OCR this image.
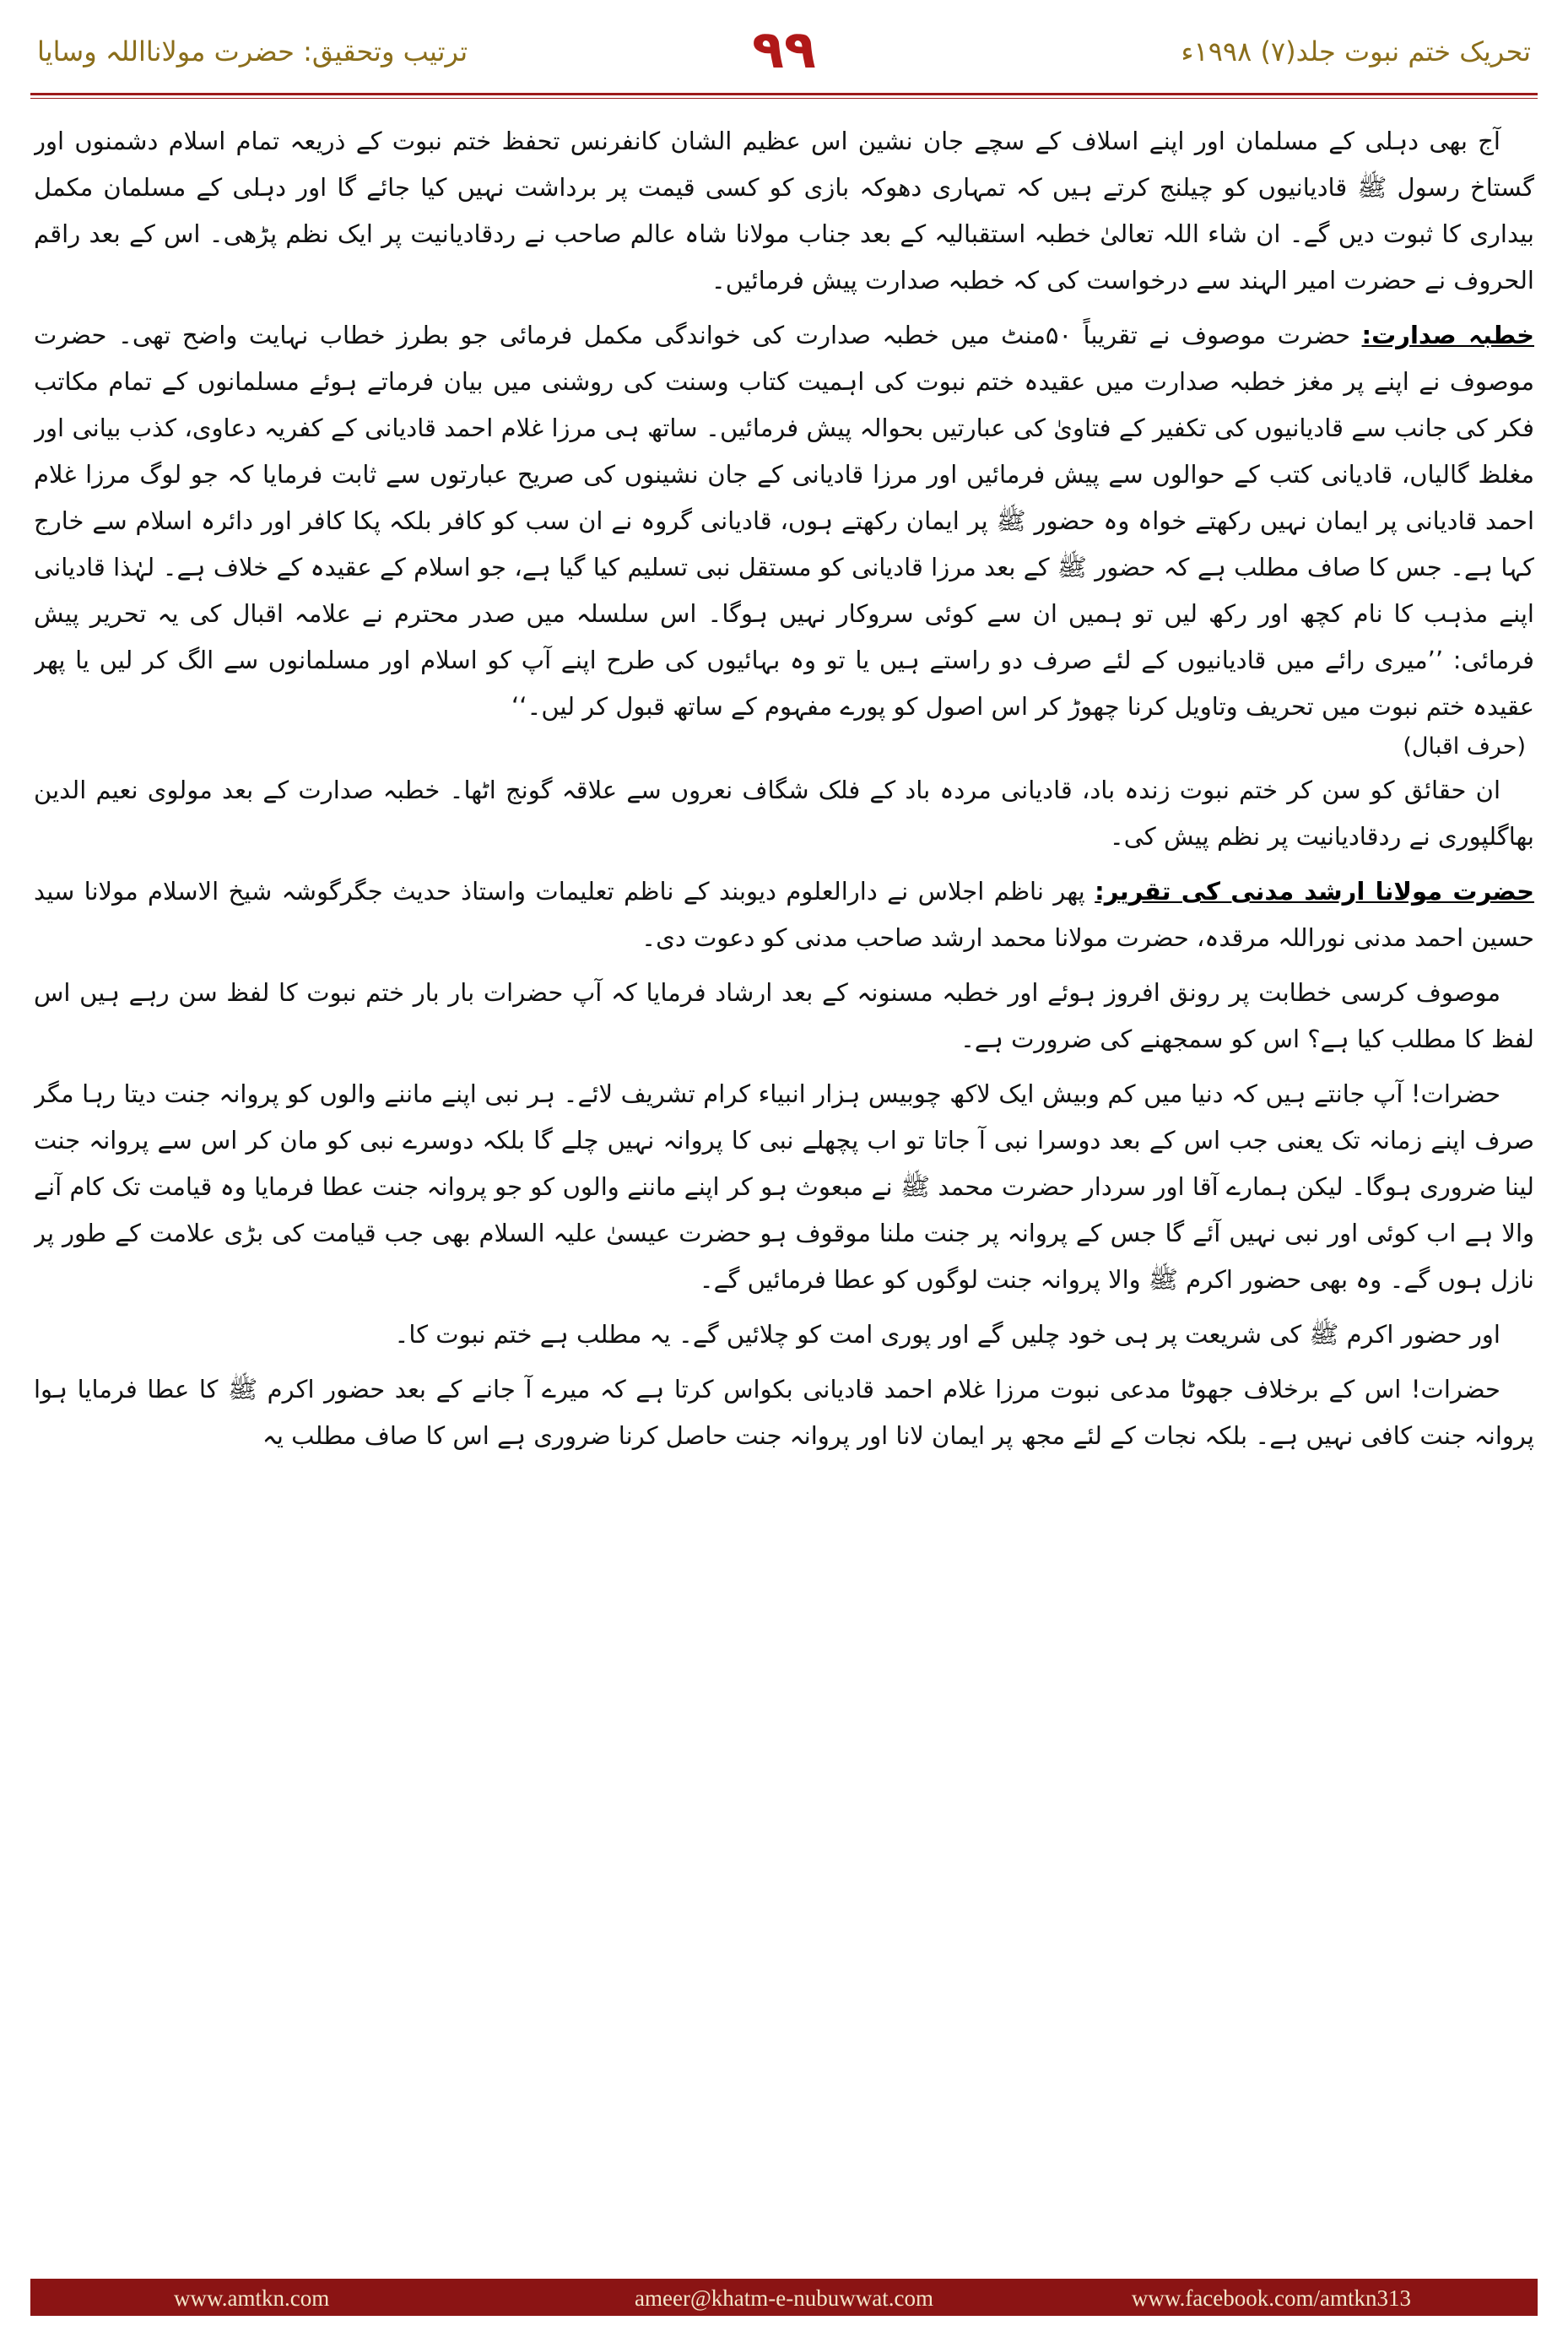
تحریک ختم نبوت جلد(۷) ۱۹۹۸ء
۹۹
ترتیب وتحقیق: حضرت مولانااللہ وسایا

آج بھی دہلی کے مسلمان اور اپنے اسلاف کے سچے جان نشین اس عظیم الشان کانفرنس تحفظ ختم نبوت کے ذریعہ تمام اسلام دشمنوں اور گستاخ رسول ﷺ قادیانیوں کو چیلنج کرتے ہیں کہ تمہاری دھوکہ بازی کو کسی قیمت پر برداشت نہیں کیا جائے گا اور دہلی کے مسلمان مکمل بیداری کا ثبوت دیں گے۔ ان شاء اللہ تعالیٰ خطبہ استقبالیہ کے بعد جناب مولانا شاہ عالم صاحب نے ردقادیانیت پر ایک نظم پڑھی۔ اس کے بعد راقم الحروف نے حضرت امیر الہند سے درخواست کی کہ خطبہ صدارت پیش فرمائیں۔

خطبہ صدارت: حضرت موصوف نے تقریباً ۵۰منٹ میں خطبہ صدارت کی خواندگی مکمل فرمائی جو بطرز خطاب نہایت واضح تھی۔ حضرت موصوف نے اپنے پر مغز خطبہ صدارت میں عقیدہ ختم نبوت کی اہمیت کتاب وسنت کی روشنی میں بیان فرماتے ہوئے مسلمانوں کے تمام مکاتب فکر کی جانب سے قادیانیوں کی تکفیر کے فتاویٰ کی عبارتیں بحوالہ پیش فرمائیں۔ ساتھ ہی مرزا غلام احمد قادیانی کے کفریہ دعاوی، کذب بیانی اور مغلظ گالیاں، قادیانی کتب کے حوالوں سے پیش فرمائیں اور مرزا قادیانی کے جان نشینوں کی صریح عبارتوں سے ثابت فرمایا کہ جو لوگ مرزا غلام احمد قادیانی پر ایمان نہیں رکھتے خواہ وہ حضور ﷺ پر ایمان رکھتے ہوں، قادیانی گروہ نے ان سب کو کافر بلکہ پکا کافر اور دائرہ اسلام سے خارج کہا ہے۔ جس کا صاف مطلب ہے کہ حضور ﷺ کے بعد مرزا قادیانی کو مستقل نبی تسلیم کیا گیا ہے، جو اسلام کے عقیدہ کے خلاف ہے۔ لہٰذا قادیانی اپنے مذہب کا نام کچھ اور رکھ لیں تو ہمیں ان سے کوئی سروکار نہیں ہوگا۔ اس سلسلہ میں صدر محترم نے علامہ اقبال کی یہ تحریر پیش فرمائی: ’’میری رائے میں قادیانیوں کے لئے صرف دو راستے ہیں یا تو وہ بہائیوں کی طرح اپنے آپ کو اسلام اور مسلمانوں سے الگ کر لیں یا پھر عقیدہ ختم نبوت میں تحریف وتاویل کرنا چھوڑ کر اس اصول کو پورے مفہوم کے ساتھ قبول کر لیں۔‘‘
(حرف اقبال)

ان حقائق کو سن کر ختم نبوت زندہ باد، قادیانی مردہ باد کے فلک شگاف نعروں سے علاقہ گونج اٹھا۔ خطبہ صدارت کے بعد مولوی نعیم الدین بھاگلپوری نے ردقادیانیت پر نظم پیش کی۔

حضرت مولانا ارشد مدنی کی تقریر: پھر ناظم اجلاس نے دارالعلوم دیوبند کے ناظم تعلیمات واستاذ حدیث جگرگوشہ شیخ الاسلام مولانا سید حسین احمد مدنی نوراللہ مرقدہ، حضرت مولانا محمد ارشد صاحب مدنی کو دعوت دی۔

موصوف کرسی خطابت پر رونق افروز ہوئے اور خطبہ مسنونہ کے بعد ارشاد فرمایا کہ آپ حضرات بار بار ختم نبوت کا لفظ سن رہے ہیں اس لفظ کا مطلب کیا ہے؟ اس کو سمجھنے کی ضرورت ہے۔

حضرات! آپ جانتے ہیں کہ دنیا میں کم وبیش ایک لاکھ چوبیس ہزار انبیاء کرام تشریف لائے۔ ہر نبی اپنے ماننے والوں کو پروانہ جنت دیتا رہا مگر صرف اپنے زمانہ تک یعنی جب اس کے بعد دوسرا نبی آ جاتا تو اب پچھلے نبی کا پروانہ نہیں چلے گا بلکہ دوسرے نبی کو مان کر اس سے پروانہ جنت لینا ضروری ہوگا۔ لیکن ہمارے آقا اور سردار حضرت محمد ﷺ نے مبعوث ہو کر اپنے ماننے والوں کو جو پروانہ جنت عطا فرمایا وہ قیامت تک کام آنے والا ہے اب کوئی اور نبی نہیں آئے گا جس کے پروانہ پر جنت ملنا موقوف ہو حضرت عیسیٰ علیہ السلام بھی جب قیامت کی بڑی علامت کے طور پر نازل ہوں گے۔ وہ بھی حضور اکرم ﷺ والا پروانہ جنت لوگوں کو عطا فرمائیں گے۔

اور حضور اکرم ﷺ کی شریعت پر ہی خود چلیں گے اور پوری امت کو چلائیں گے۔ یہ مطلب ہے ختم نبوت کا۔

حضرات! اس کے برخلاف جھوٹا مدعی نبوت مرزا غلام احمد قادیانی بکواس کرتا ہے کہ میرے آ جانے کے بعد حضور اکرم ﷺ کا عطا فرمایا ہوا پروانہ جنت کافی نہیں ہے۔ بلکہ نجات کے لئے مجھ پر ایمان لانا اور پروانہ جنت حاصل کرنا ضروری ہے اس کا صاف مطلب یہ

www.amtkn.com	ameer@khatm-e-nubuwwat.com	www.facebook.com/amtkn313
